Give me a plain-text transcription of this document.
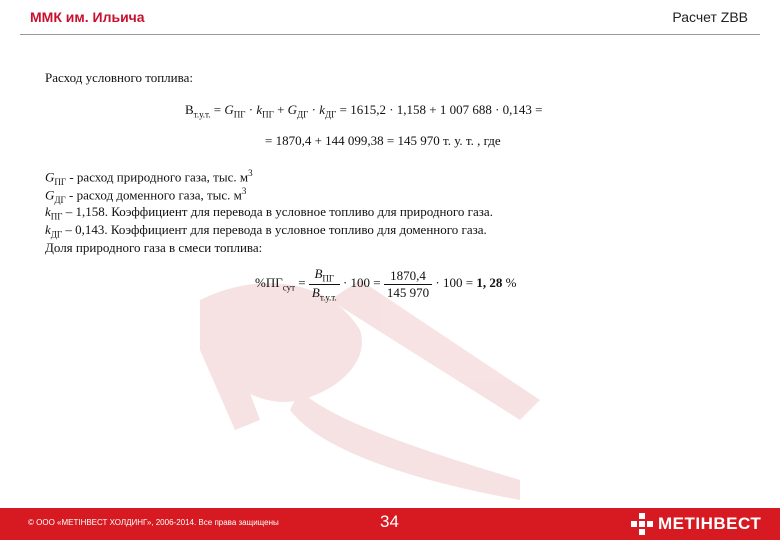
ММК им. Ильича	Расчет ZBB
Расход условного топлива:
$В_{т.у.т.} = G_{ПГ} \cdot k_{ПГ} + G_{ДГ} \cdot k_{ДГ} = 1615,2 \cdot 1,158 + 1$ 007 688 · 0,143 =
= 1870,4 + 144 099,38 = 145 970 т. у. т. , где
$G_{ПГ}$ - расход природного газа, тыс. $м^3$
$G_{ДГ}$ - расход доменного газа, тыс. $м^3$
$k_{ПГ} - 1,158$. Коэффициент для перевода в условное топливо для природного газа.
$k_{ДГ} - 0,143$. Коэффициент для перевода в условное топливо для доменного газа.
Доля природного газа в смеси топлива:
$\%ПГ_{сут} = \frac{В_{ПГ}}{В_{т.у.т.}} \cdot 100 = \frac{1870,4}{145 970} \cdot 100 = 1$, 28 %
© ООО «МЕТІНВЕСТ ХОЛДИНГ», 2006-2014. Все права защищены	34	МЕТІНВЕСТ
